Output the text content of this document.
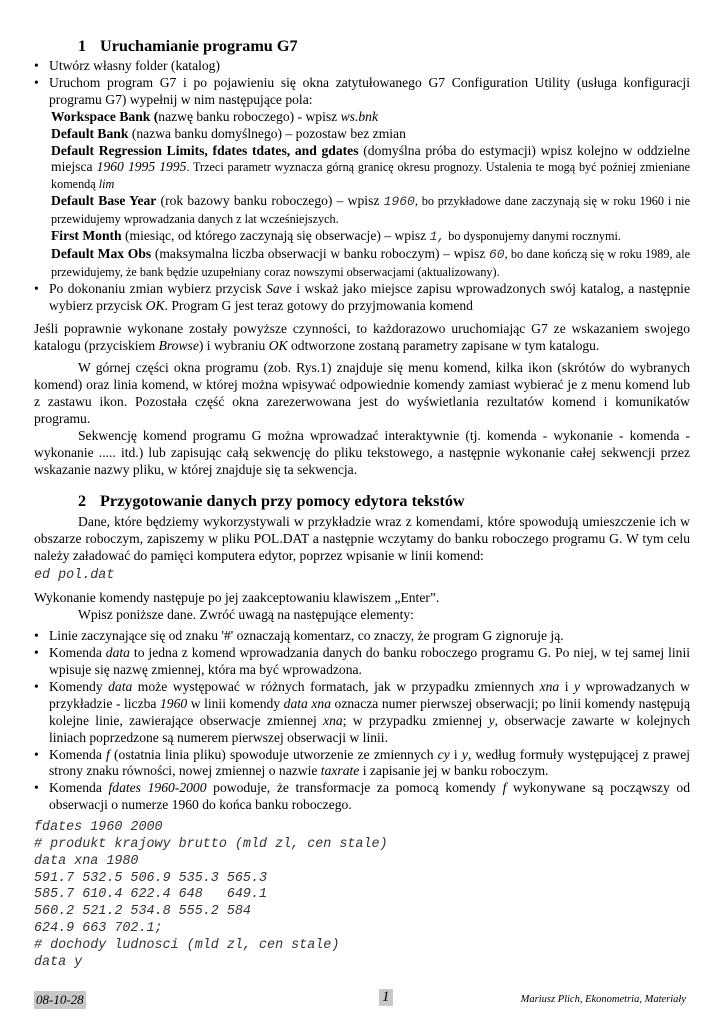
1 Uruchamianie programu G7
• Utwórz własny folder (katalog)
• Uruchom program G7 i po pojawieniu się okna zatytułowanego G7 Configuration Utility (usługa konfiguracji programu G7) wypełnij w nim następujące pola:
Workspace Bank (nazwę banku roboczego) - wpisz ws.bnk
Default Bank (nazwa banku domyślnego) – pozostaw bez zmian
Default Regression Limits, fdates tdates, and gdates (domyślna próba do estymacji) wpisz kolejno w oddzielne miejsca 1960 1995 1995. Trzeci parametr wyznacza górną granicę okresu prognozy. Ustalenia te mogą być poźniej zmieniane komendą lim
Default Base Year (rok bazowy banku roboczego) – wpisz 1960, bo przykładowe dane zaczynają się w roku 1960 i nie przewidujemy wprowadzania danych z lat wcześniejszych.
First Month (miesiąc, od którego zaczynają się obserwacje) – wpisz 1, bo dysponujemy danymi rocznymi.
Default Max Obs (maksymalna liczba obserwacji w banku roboczym) – wpisz 60, bo dane kończą się w roku 1989, ale przewidujemy, że bank będzie uzupełniany coraz nowszymi obserwacjami (aktualizowany).
• Po dokonaniu zmian wybierz przycisk Save i wskaż jako miejsce zapisu wprowadzonych swój katalog, a następnie wybierz przycisk OK. Program G jest teraz gotowy do przyjmowania komend

Jeśli poprawnie wykonane zostały powyższe czynności, to każdorazowo uruchomiając G7 ze wskazaniem swojego katalogu (przyciskiem Browse) i wybraniu OK odtworzone zostaną parametry zapisane w tym katalogu.

W górnej części okna programu (zob. Rys.1) znajduje się menu komend, kilka ikon (skrótów do wybranych komend) oraz linia komend, w której można wpisywać odpowiednie komendy zamiast wybierać je z menu komend lub z zastawu ikon. Pozostała część okna zarezerwowana jest do wyświetlania rezultatów komend i komunikatów programu.

Sekwencję komend programu G można wprowadzać interaktywnie (tj. komenda - wykonanie - komenda - wykonanie ..... itd.) lub zapisując całą sekwencję do pliku tekstowego, a następnie wykonanie całej sekwencji przez wskazanie nazwy pliku, w której znajduje się ta sekwencja.

2 Przygotowanie danych przy pomocy edytora tekstów

Dane, które będziemy wykorzystywali w przykładzie wraz z komendami, które spowodują umieszczenie ich w obszarze roboczym, zapiszemy w pliku POL.DAT a następnie wczytamy do banku roboczego programu G. W tym celu należy załadować do pamięci komputera edytor, poprzez wpisanie w linii komend:

ed pol.dat

Wykonanie komendy następuje po jej zaakceptowaniu klawiszem „Enter”.

Wpisz poniższe dane. Zwróć uwagą na następujące elementy:

• Linie zaczynające się od znaku '#' oznaczają komentarz, co znaczy, że program G zignoruje ją.
• Komenda data to jedna z komend wprowadzania danych do banku roboczego programu G. Po niej, w tej samej linii wpisuje się nazwę zmiennej, która ma być wprowadzona.
• Komendy data może występować w różnych formatach, jak w przypadku zmiennych xna i y wprowadzanych w przykładzie - liczba 1960 w linii komendy data xna oznacza numer pierwszej obserwacji; po linii komendy następują kolejne linie, zawierające obserwacje zmiennej xna; w przypadku zmiennej y, obserwacje zawarte w kolejnych liniach poprzedzone są numerem pierwszej obserwacji w linii.
• Komenda f (ostatnia linia pliku) spowoduje utworzenie ze zmiennych cy i y, według formuły występującej z prawej strony znaku równości, nowej zmiennej o nazwie taxrate i zapisanie jej w banku roboczym.
• Komenda fdates 1960-2000 powoduje, że transformacje za pomocą komendy f wykonywane są począwszy od obserwacji o numerze 1960 do końca banku roboczego.
fdates 1960 2000
# produkt krajowy brutto (mld zl, cen stale)
data xna 1980
591.7 532.5 506.9 535.3 565.3
585.7 610.4 622.4 648   649.1
560.2 521.2 534.8 555.2 584
624.9 663 702.1;
# dochody ludnosci (mld zl, cen stale)
data y
08-10-28	1	Mariusz Plich, Ekonometria, Materiały
